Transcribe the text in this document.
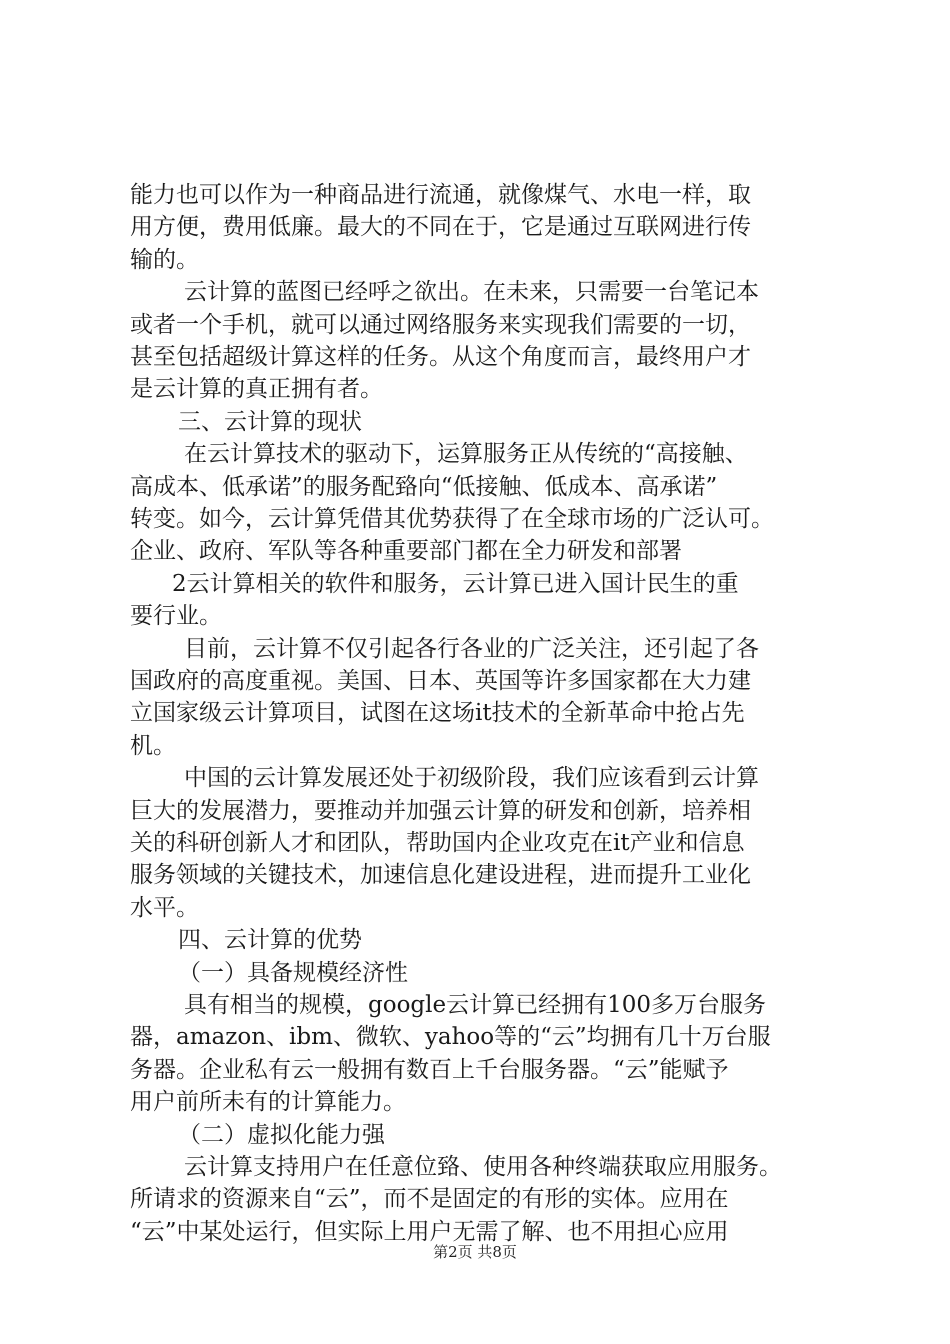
能力也可以作为一种商品进行流通，就像煤气、水电一样，取
用方便，费用低廉。最大的不同在于，它是通过互联网进行传
输的。
云计算的蓝图已经呼之欲出。在未来，只需要一台笔记本
或者一个手机，就可以通过网络服务来实现我们需要的一切，
甚至包括超级计算这样的任务。从这个角度而言，最终用户才
是云计算的真正拥有者。
三、云计算的现状
在云计算技术的驱动下，运算服务正从传统的“高接触、
高成本、低承诺”的服务配臵向“低接触、低成本、高承诺”
转变。如今，云计算凭借其优势获得了在全球市场的广泛认可。
企业、政府、军队等各种重要部门都在全力研发和部署
2云计算相关的软件和服务，云计算已进入国计民生的重
要行业。
目前，云计算不仅引起各行各业的广泛关注，还引起了各
国政府的高度重视。美国、日本、英国等许多国家都在大力建
立国家级云计算项目，试图在这场it技术的全新革命中抢占先
机。
中国的云计算发展还处于初级阶段，我们应该看到云计算
巨大的发展潜力，要推动并加强云计算的研发和创新，培养相
关的科研创新人才和团队，帮助国内企业攻克在it产业和信息
服务领域的关键技术，加速信息化建设进程，进而提升工业化
水平。
四、云计算的优势
（一）具备规模经济性
具有相当的规模，google云计算已经拥有100多万台服务
器，amazon、ibm、微软、yahoo等的“云”均拥有几十万台服
务器。企业私有云一般拥有数百上千台服务器。“云”能赋予
用户前所未有的计算能力。
（二）虚拟化能力强
云计算支持用户在任意位臵、使用各种终端获取应用服务。
所请求的资源来自“云”，而不是固定的有形的实体。应用在
“云”中某处运行，但实际上用户无需了解、也不用担心应用
第2页 共8页
